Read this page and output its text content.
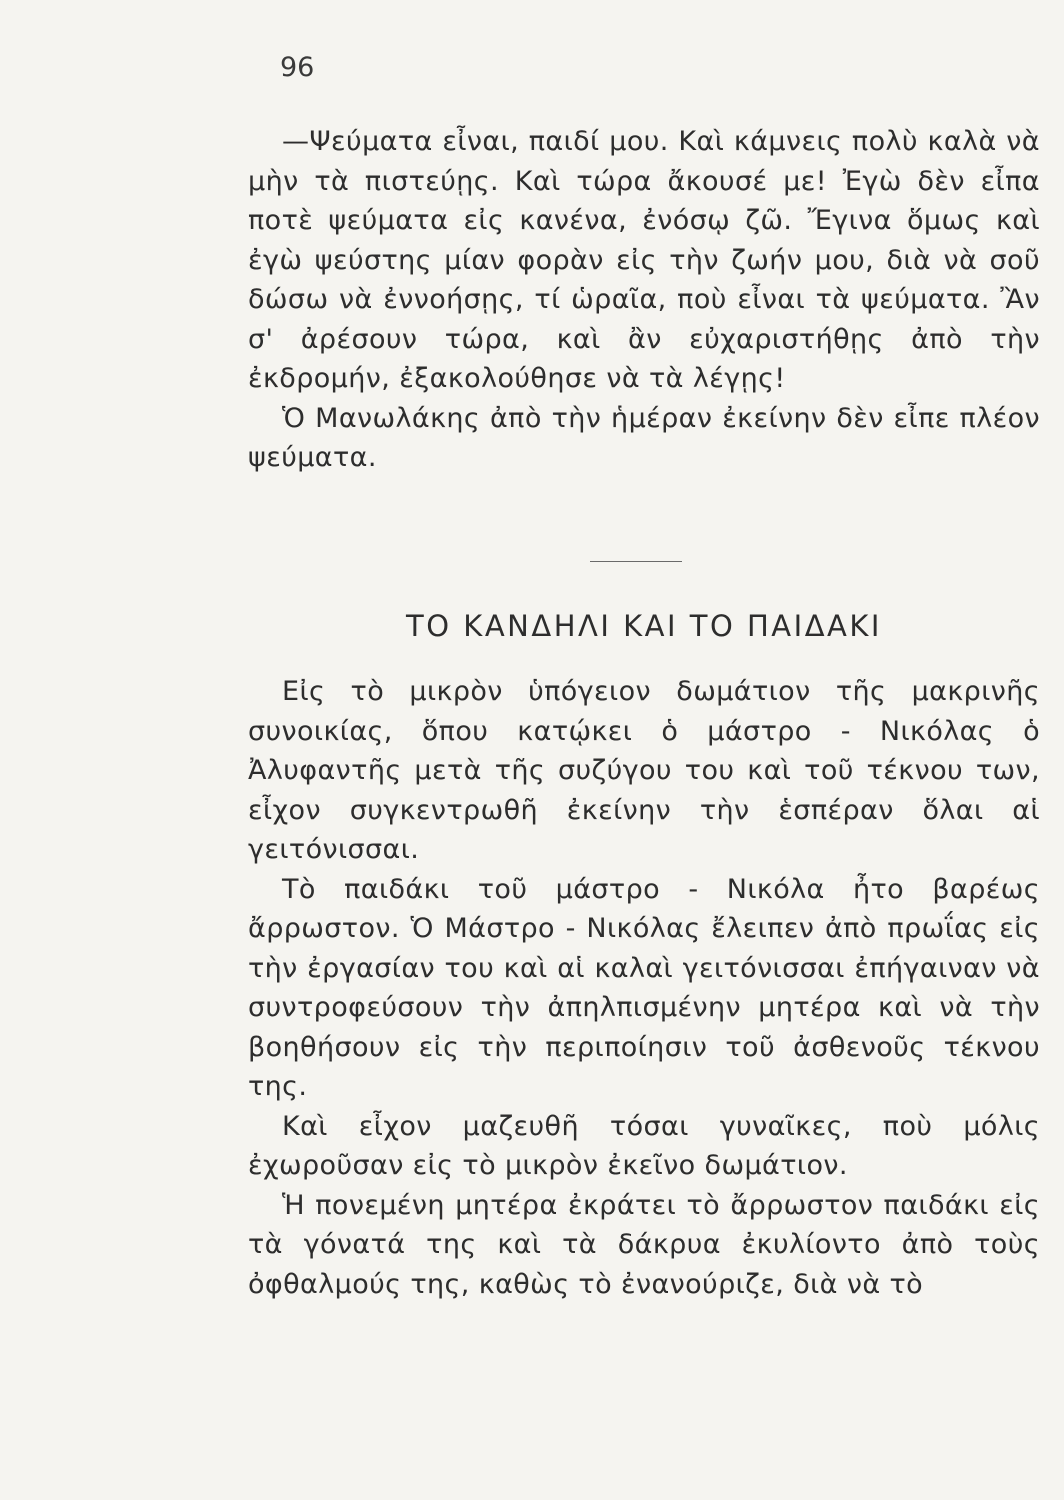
96

—Ψεύματα εἶναι, παιδί μου. Καὶ κάμνεις πολὺ καλὰ νὰ μὴν τὰ πιστεύῃς. Καὶ τώρα ἄκουσέ με! Ἐγὼ δὲν εἶπα ποτὲ ψεύματα εἰς κανένα, ἐνόσῳ ζῶ. Ἔγινα ὅμως καὶ ἐγὼ ψεύστης μίαν φορὰν εἰς τὴν ζωήν μου, διὰ νὰ σοῦ δώσω νὰ ἐννοήσῃς, τί ὡραῖα, ποὺ εἶναι τὰ ψεύματα. Ἂν σ' ἀρέσουν τώρα, καὶ ἂν εὐχαριστήθῃς ἀπὸ τὴν ἐκδρομήν, ἐξακολούθησε νὰ τὰ λέγῃς!

Ὁ Μανωλάκης ἀπὸ τὴν ἡμέραν ἐκείνην δὲν εἶπε πλέον ψεύματα.

ΤΟ ΚΑΝΔΗΛΙ ΚΑΙ ΤΟ ΠΑΙΔΑΚΙ

Εἰς τὸ μικρὸν ὑπόγειον δωμάτιον τῆς μακρινῆς συνοικίας, ὅπου κατῴκει ὁ μάστρο - Νικόλας ὁ Ἀλυφαντῆς μετὰ τῆς συζύγου του καὶ τοῦ τέκνου των, εἶχον συγκεντρωθῆ ἐκείνην τὴν ἑσπέραν ὅλαι αἱ γειτόνισσαι.

Τὸ παιδάκι τοῦ μάστρο - Νικόλα ἦτο βαρέως ἄρρωστον. Ὁ Μάστρο - Νικόλας ἔλειπεν ἀπὸ πρωΐας εἰς τὴν ἐργασίαν του καὶ αἱ καλαὶ γειτόνισσαι ἐπήγαιναν νὰ συντροφεύσουν τὴν ἀπηλπισμένην μητέρα καὶ νὰ τὴν βοηθήσουν εἰς τὴν περιποίησιν τοῦ ἀσθενοῦς τέκνου της.

Καὶ εἶχον μαζευθῆ τόσαι γυναῖκες, ποὺ μόλις ἐχωροῦσαν εἰς τὸ μικρὸν ἐκεῖνο δωμάτιον.

Ἡ πονεμένη μητέρα ἐκράτει τὸ ἄρρωστον παιδάκι εἰς τὰ γόνατά της καὶ τὰ δάκρυα ἐκυλίοντο ἀπὸ τοὺς ὀφθαλμούς της, καθὼς τὸ ἐνανούριζε, διὰ νὰ τὸ
